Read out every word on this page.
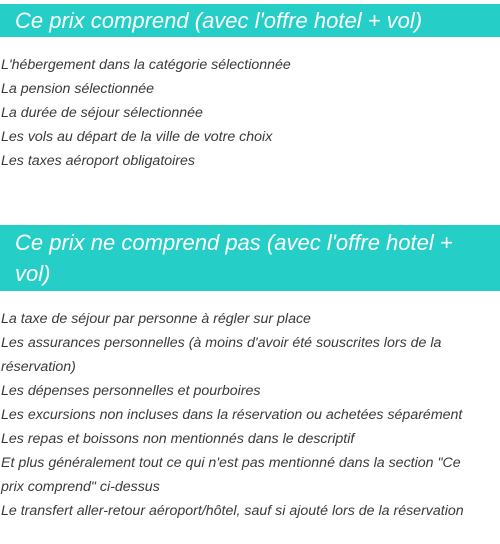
Ce prix comprend (avec l'offre hotel + vol)
L'hébergement dans la catégorie sélectionnée
La pension sélectionnée
La durée de séjour sélectionnée
Les vols au départ de la ville de votre choix
Les taxes aéroport obligatoires
Ce prix ne comprend pas (avec l'offre hotel + vol)
La taxe de séjour par personne à régler sur place
Les assurances personnelles (à moins d'avoir été souscrites lors de la réservation)
Les dépenses personnelles et pourboires
Les excursions non incluses dans la réservation ou achetées séparément
Les repas et boissons non mentionnés dans le descriptif
Et plus généralement tout ce qui n'est pas mentionné dans la section "Ce prix comprend" ci-dessus
Le transfert aller-retour aéroport/hôtel, sauf si ajouté lors de la réservation
